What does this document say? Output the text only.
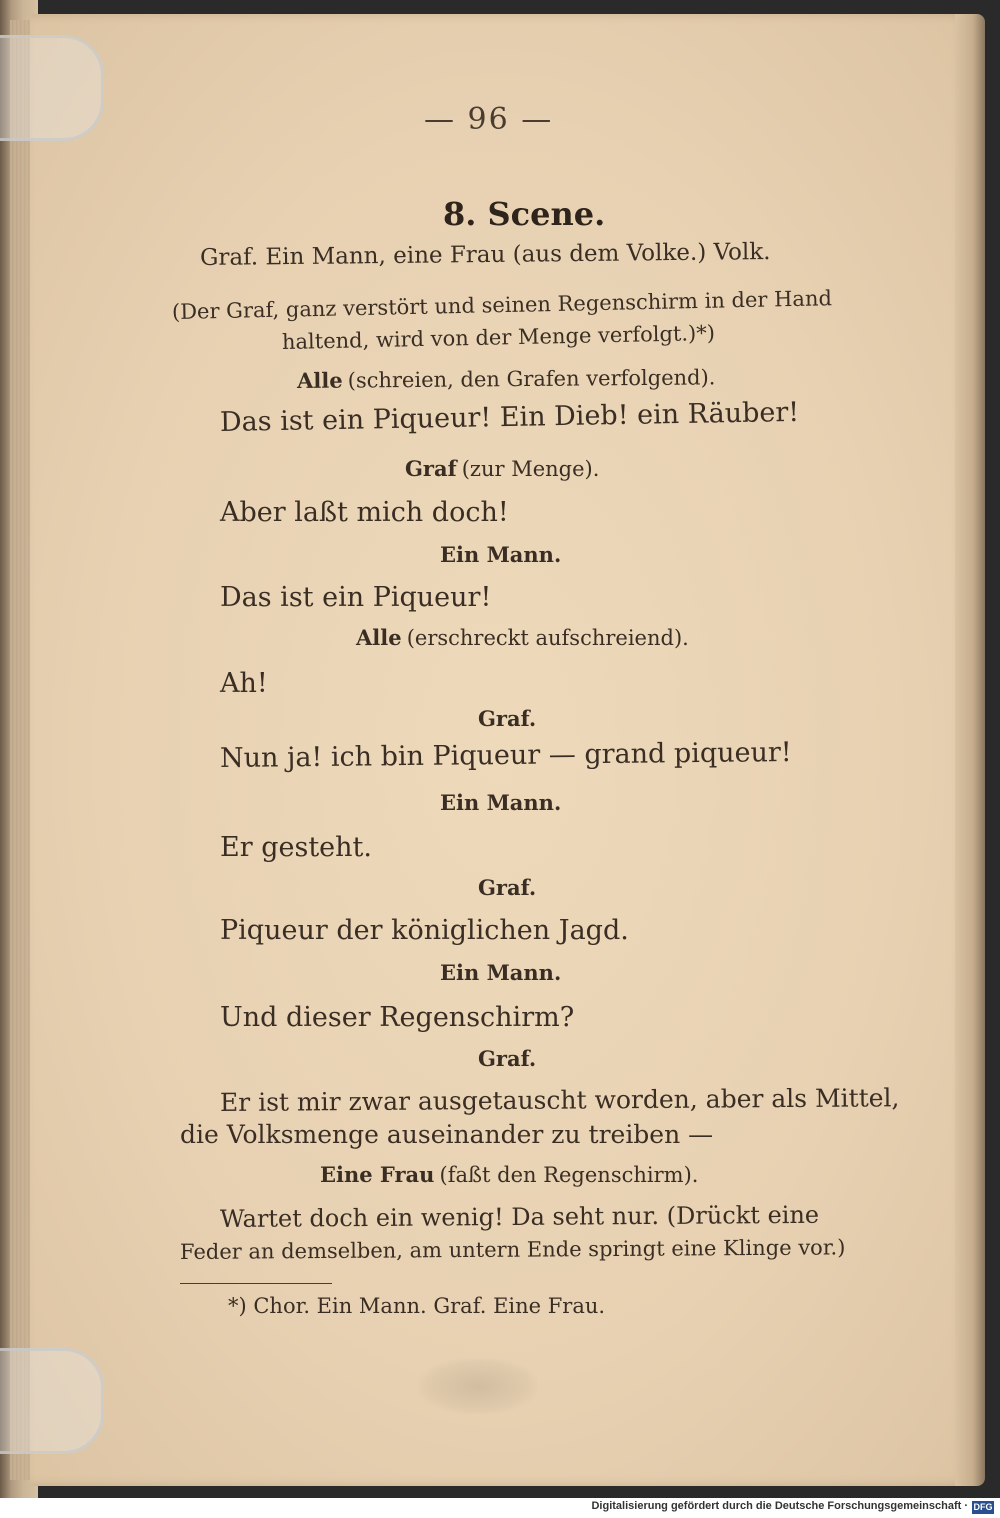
— 96 —
8. Scene.
Graf. Ein Mann, eine Frau (aus dem Volke.) Volk.
(Der Graf, ganz verstört und seinen Regenschirm in der Hand
haltend, wird von der Menge verfolgt.)*)
Alle (schreien, den Grafen verfolgend).
Das ist ein Piqueur! Ein Dieb! ein Räuber!
Graf (zur Menge).
Aber laßt mich doch!
Ein Mann.
Das ist ein Piqueur!
Alle (erschreckt aufschreiend).
Ah!
Graf.
Nun ja! ich bin Piqueur — grand piqueur!
Ein Mann.
Er gesteht.
Graf.
Piqueur der königlichen Jagd.
Ein Mann.
Und dieser Regenschirm?
Graf.
Er ist mir zwar ausgetauscht worden, aber als Mittel,
die Volksmenge auseinander zu treiben —
Eine Frau (faßt den Regenschirm).
Wartet doch ein wenig! Da seht nur. (Drückt eine
Feder an demselben, am untern Ende springt eine Klinge vor.)
*) Chor. Ein Mann. Graf. Eine Frau.
Digitalisierung gefördert durch die Deutsche Forschungsgemeinschaft · DFG
